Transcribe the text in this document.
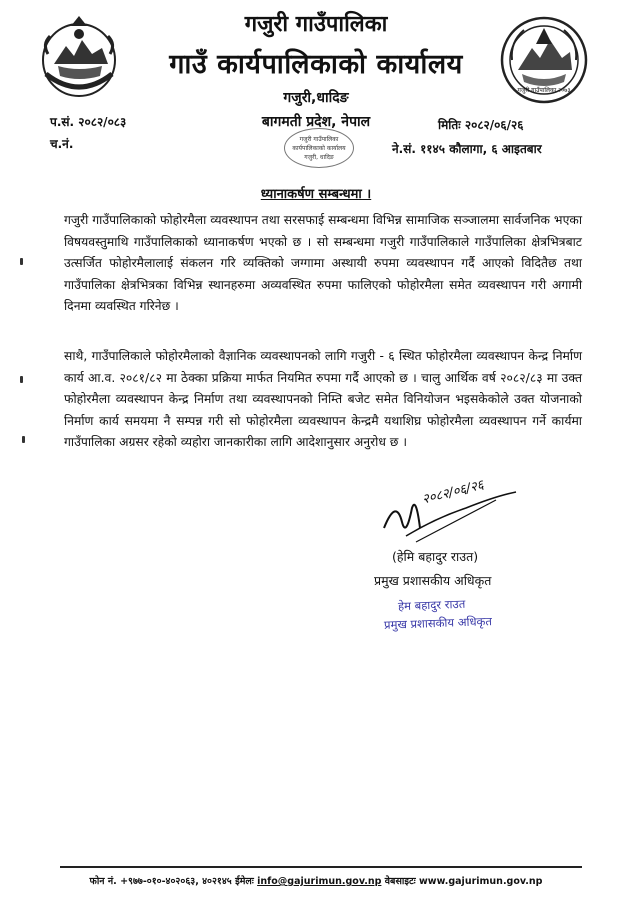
गजुरी गाउँपालिका २०७३
गजुरी गाउँपालिका
गाउँ कार्यपालिकाको कार्यालय
गजुरी,धादिङ
बागमती प्रदेश, नेपाल
प.सं. २०८२/०८३
च.नं.
मितिः २०८२/०६/२६
ने.सं. ११४५ कौलागा, ६ आइतबार
गजुरी गाउँपालिका
कार्यपालिकाको कार्यालय
गजुरी, धादिङ
ध्यानाकर्षण सम्बन्धमा ।
गजुरी गाउँपालिकाको फोहोरमैला व्यवस्थापन तथा सरसफाई सम्बन्धमा विभिन्न सामाजिक सञ्जालमा सार्वजनिक भएका विषयवस्तुमाथि गाउँपालिकाको ध्यानाकर्षण भएको छ । सो सम्बन्धमा गजुरी गाउँपालिकाले गाउँपालिका क्षेत्रभित्रबाट उत्सर्जित फोहोरमैलालाई संकलन गरि व्यक्तिको जग्गामा अस्थायी रुपमा व्यवस्थापन गर्दै आएको विदितैछ तथा गाउँपालिका क्षेत्रभित्रका विभिन्न स्थानहरुमा अव्यवस्थित रुपमा फालिएको फोहोरमैला समेत व्यवस्थापन गरी अगामी दिनमा व्यवस्थित गरिनेछ ।
साथै, गाउँपालिकाले फोहोरमैलाको वैज्ञानिक व्यवस्थापनको लागि गजुरी - ६ स्थित फोहोरमैला व्यवस्थापन केन्द्र निर्माण कार्य आ.व. २०८१/८२ मा ठेक्का प्रक्रिया मार्फत नियमित रुपमा गर्दै आएको छ । चालु आर्थिक वर्ष २०८२/८३ मा उक्त फोहोरमैला व्यवस्थापन केन्द्र निर्माण तथा व्यवस्थापनको निम्ति बजेट समेत विनियोजन भइसकेकोले उक्त योजनाको निर्माण कार्य समयमा नै सम्पन्न गरी सो फोहोरमैला व्यवस्थापन केन्द्रमै यथाशिघ्र फोहोरमैला व्यवस्थापन गर्ने कार्यमा गाउँपालिका अग्रसर रहेको व्यहोरा जानकारीका लागि आदेशानुसार अनुरोध छ ।
२०८२/०६/२६
(हेमि बहादुर राउत)
प्रमुख प्रशासकीय अधिकृत
हेम बहादुर राउत
प्रमुख प्रशासकीय अधिकृत
फोन नं. +९७७-०१०-४०२०६३, ४०२१४५ ईमेलः info@gajurimun.gov.np वेबसाइटः www.gajurimun.gov.np
